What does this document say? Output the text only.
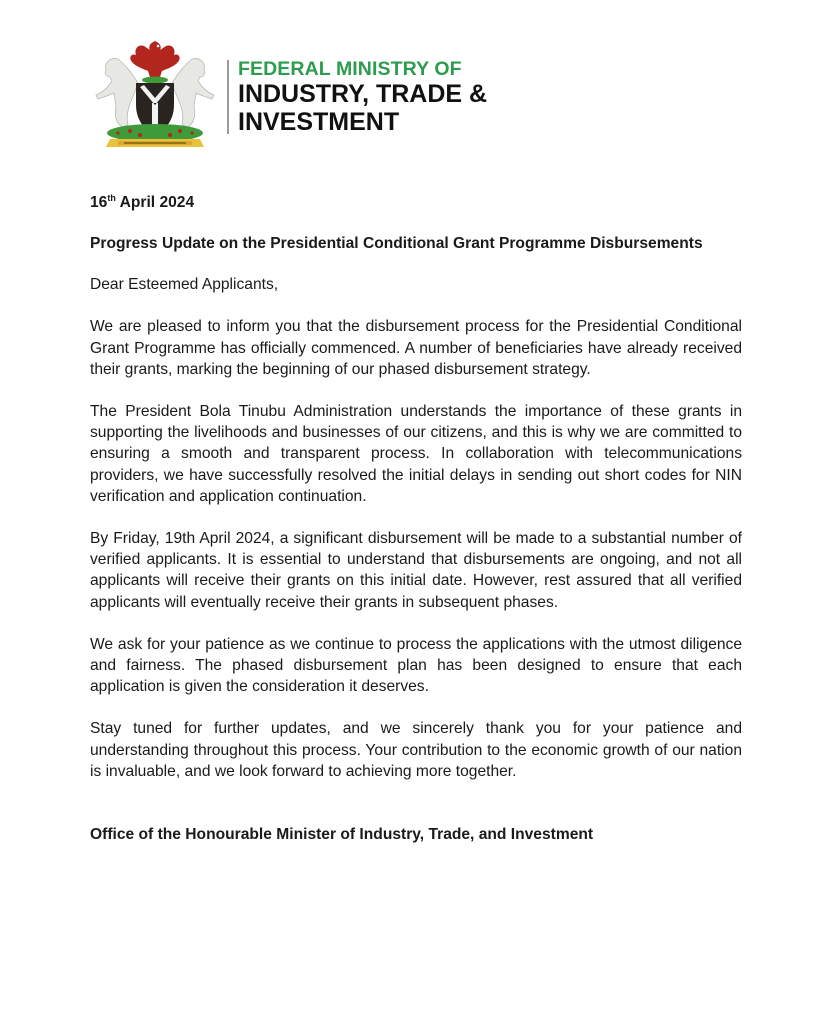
FEDERAL MINISTRY OF
INDUSTRY, TRADE &
INVESTMENT

16th April 2024

Progress Update on the Presidential Conditional Grant Programme Disbursements

Dear Esteemed Applicants,

We are pleased to inform you that the disbursement process for the Presidential Conditional Grant Programme has officially commenced. A number of beneficiaries have already received their grants, marking the beginning of our phased disbursement strategy.

The President Bola Tinubu Administration understands the importance of these grants in supporting the livelihoods and businesses of our citizens, and this is why we are committed to ensuring a smooth and transparent process. In collaboration with telecommunications providers, we have successfully resolved the initial delays in sending out short codes for NIN verification and application continuation.

By Friday, 19th April 2024, a significant disbursement will be made to a substantial number of verified applicants. It is essential to understand that disbursements are ongoing, and not all applicants will receive their grants on this initial date. However, rest assured that all verified applicants will eventually receive their grants in subsequent phases.

We ask for your patience as we continue to process the applications with the utmost diligence and fairness. The phased disbursement plan has been designed to ensure that each application is given the consideration it deserves.

Stay tuned for further updates, and we sincerely thank you for your patience and understanding throughout this process. Your contribution to the economic growth of our nation is invaluable, and we look forward to achieving more together.

Office of the Honourable Minister of Industry, Trade, and Investment
